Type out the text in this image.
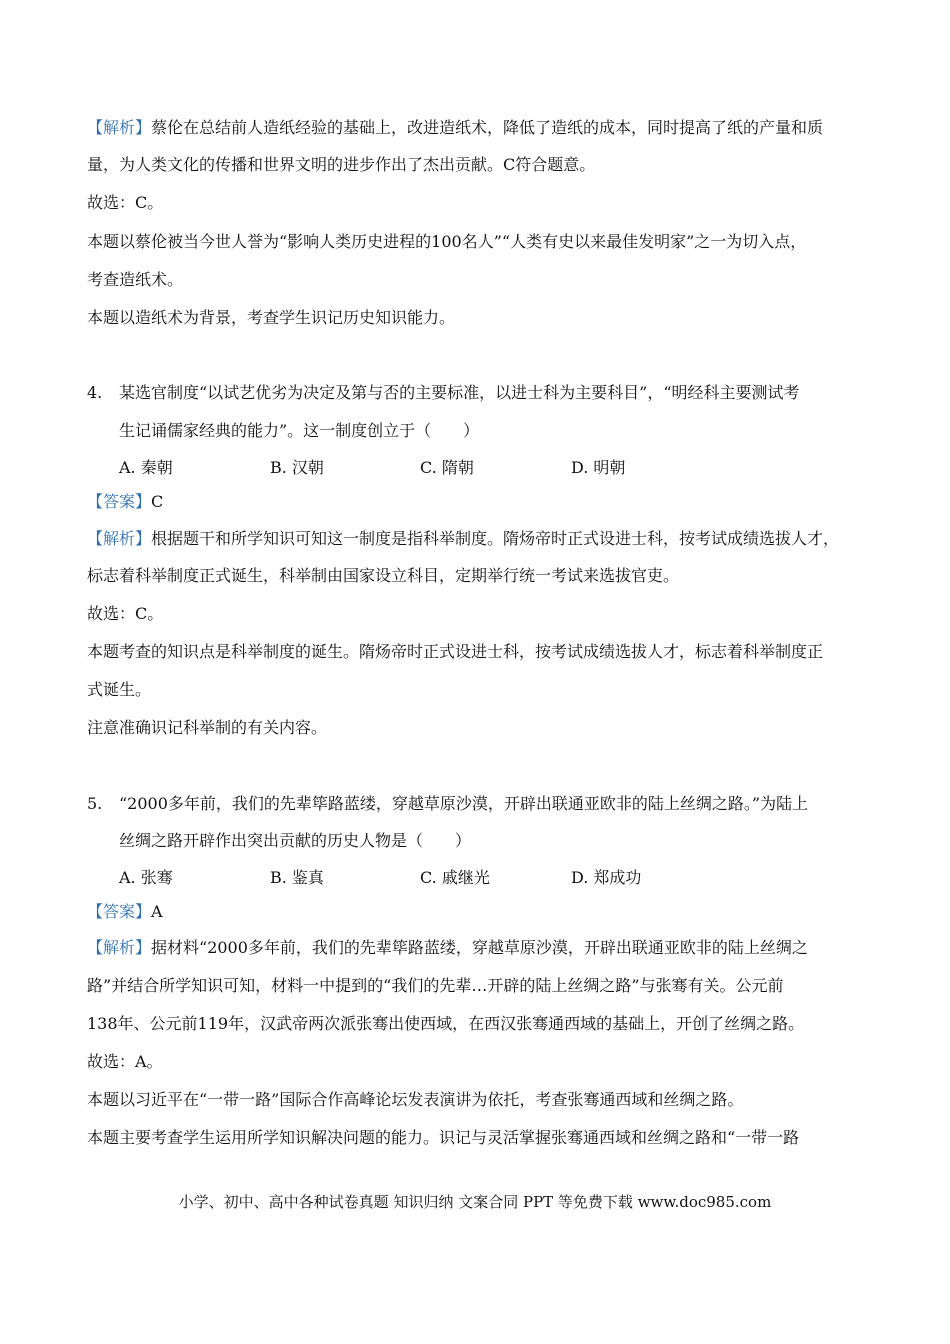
【解析】蔡伦在总结前人造纸经验的基础上，改进造纸术，降低了造纸的成本，同时提高了纸的产量和质
量，为人类文化的传播和世界文明的进步作出了杰出贡献。C符合题意。
故选：C。
本题以蔡伦被当今世人誉为“影响人类历史进程的100名人”“人类有史以来最佳发明家”之一为切入点，
考查造纸术。
本题以造纸术为背景，考查学生识记历史知识能力。
4. 某选官制度“以试艺优劣为决定及第与否的主要标准，以进士科为主要科目”，“明经科主要测试考
生记诵儒家经典的能力”。这一制度创立于（　　）
A. 秦朝	B. 汉朝	C. 隋朝	D. 明朝
【答案】C
【解析】根据题干和所学知识可知这一制度是指科举制度。隋炀帝时正式设进士科，按考试成绩选拔人才，
标志着科举制度正式诞生，科举制由国家设立科目，定期举行统一考试来选拔官吏。
故选：C。
本题考查的知识点是科举制度的诞生。隋炀帝时正式设进士科，按考试成绩选拔人才，标志着科举制度正
式诞生。
注意准确识记科举制的有关内容。
5. “2000多年前，我们的先辈筚路蓝缕，穿越草原沙漠，开辟出联通亚欧非的陆上丝绸之路。”为陆上
丝绸之路开辟作出突出贡献的历史人物是（　　）
A. 张骞	B. 鉴真	C. 戚继光	D. 郑成功
【答案】A
【解析】据材料“2000多年前，我们的先辈筚路蓝缕，穿越草原沙漠，开辟出联通亚欧非的陆上丝绸之
路”并结合所学知识可知，材料一中提到的“我们的先辈…开辟的陆上丝绸之路”与张骞有关。公元前
138年、公元前119年，汉武帝两次派张骞出使西域，在西汉张骞通西域的基础上，开创了丝绸之路。
故选：A。
本题以习近平在“一带一路”国际合作高峰论坛发表演讲为依托，考查张骞通西域和丝绸之路。
本题主要考查学生运用所学知识解决问题的能力。识记与灵活掌握张骞通西域和丝绸之路和“一带一路
小学、初中、高中各种试卷真题 知识归纳 文案合同 PPT 等免费下载 www.doc985.com
